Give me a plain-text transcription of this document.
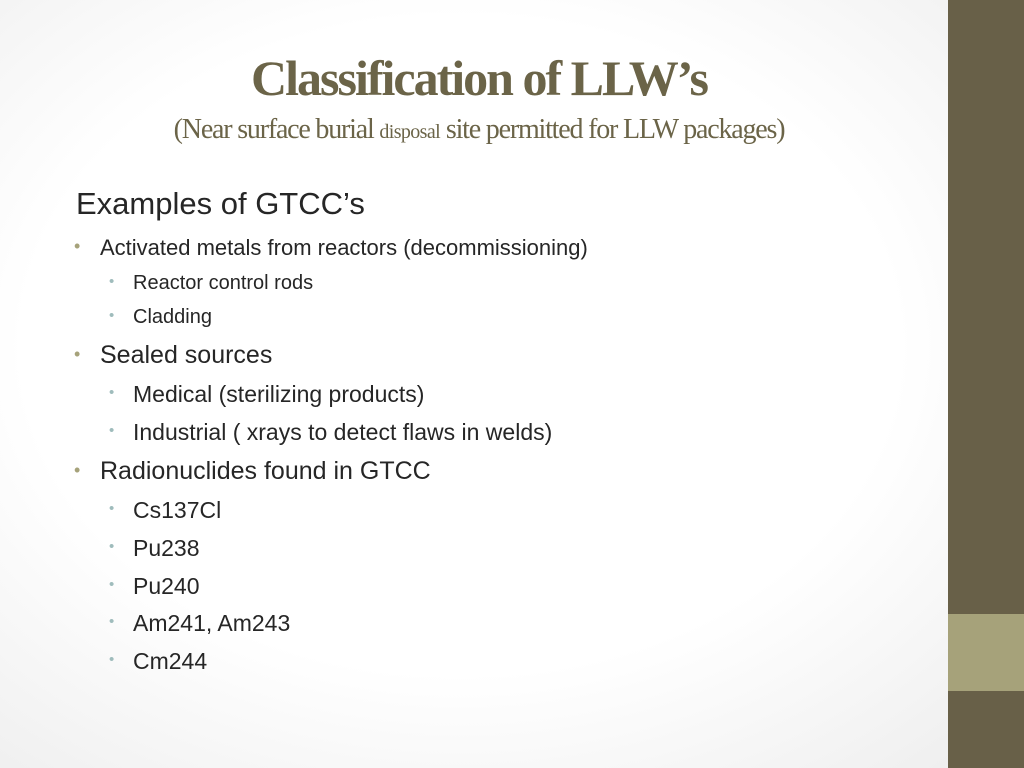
Classification of LLW’s
(Near surface burial disposal site permitted for LLW packages)
Examples of GTCC’s
• Activated metals from reactors (decommissioning)
• Reactor control rods
• Cladding
• Sealed sources
• Medical (sterilizing products)
• Industrial ( xrays to detect flaws in welds)
• Radionuclides found in GTCC
• Cs137Cl
• Pu238
• Pu240
• Am241, Am243
• Cm244
